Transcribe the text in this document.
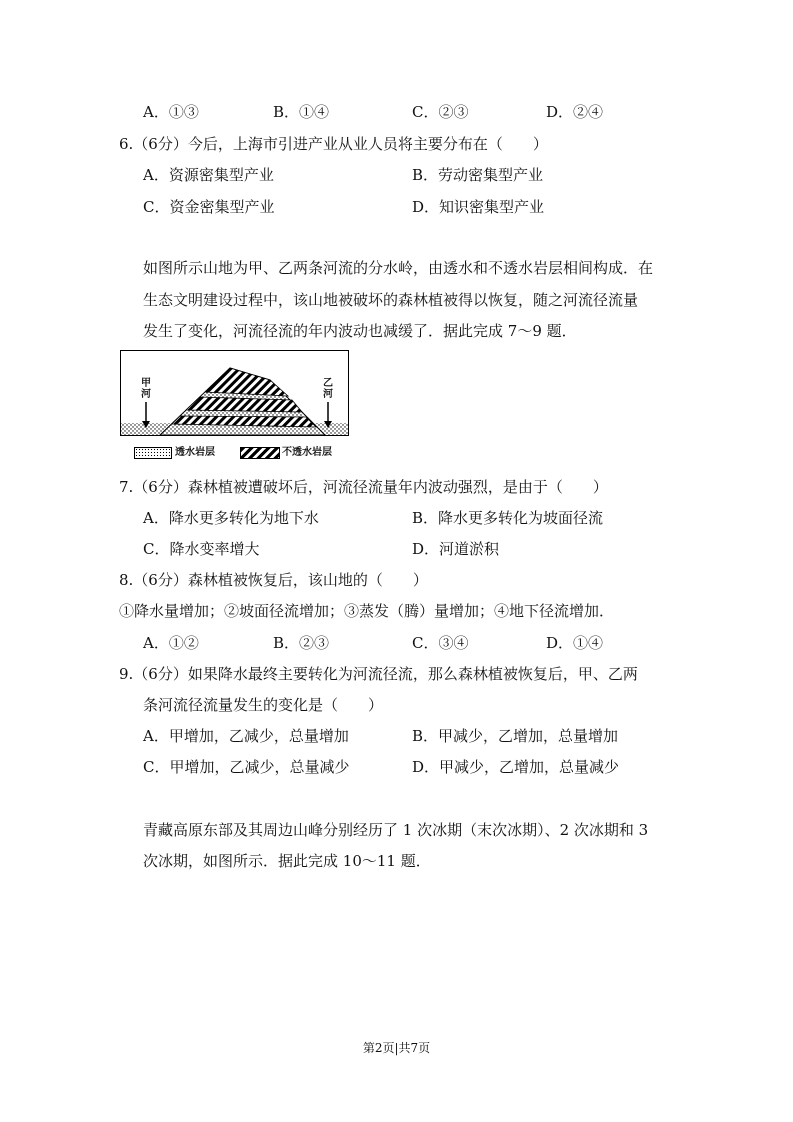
A．①③	B．①④	C．②③	D．②④
6.（6分）今后，上海市引进产业从业人员将主要分布在（　　）
A．资源密集型产业	B．劳动密集型产业
C．资金密集型产业	D．知识密集型产业
如图所示山地为甲、乙两条河流的分水岭，由透水和不透水岩层相间构成．在
生态文明建设过程中，该山地被破坏的森林植被得以恢复，随之河流径流量
发生了变化，河流径流的年内波动也减缓了．据此完成 7～9 题．
甲河
乙河
透水岩层	不透水岩层
7.（6分）森林植被遭破坏后，河流径流量年内波动强烈，是由于（　　）
A．降水更多转化为地下水	B．降水更多转化为坡面径流
C．降水变率增大	D．河道淤积
8.（6分）森林植被恢复后，该山地的（　　）
①降水量增加；②坡面径流增加；③蒸发（腾）量增加；④地下径流增加．
A．①②	B．②③	C．③④	D．①④
9.（6分）如果降水最终主要转化为河流径流，那么森林植被恢复后，甲、乙两
条河流径流量发生的变化是（　　）
A．甲增加，乙减少，总量增加	B．甲减少，乙增加，总量增加
C．甲增加，乙减少，总量减少	D．甲减少，乙增加，总量减少
青藏高原东部及其周边山峰分别经历了 1 次冰期（末次冰期）、2 次冰期和 3
次冰期，如图所示．据此完成 10～11 题．
第2页|共7页
